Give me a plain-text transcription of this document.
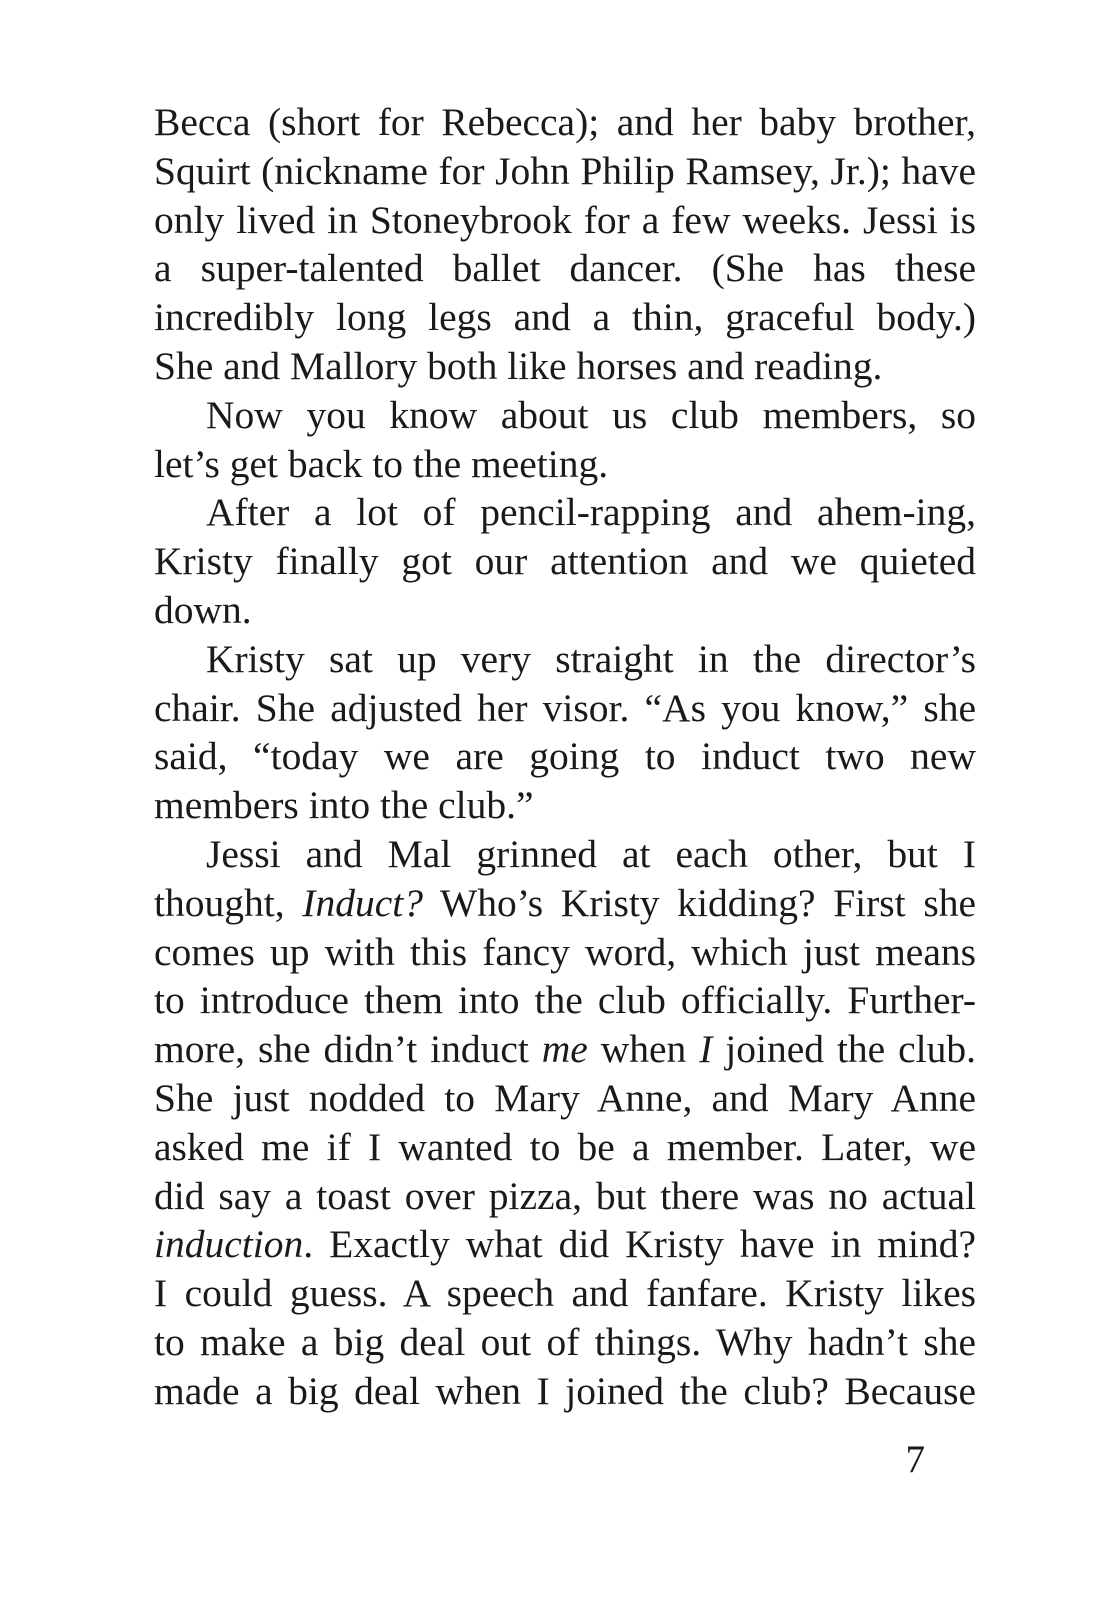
Becca (short for Rebecca); and her baby brother,
Squirt (nickname for John Philip Ramsey, Jr.); have
only lived in Stoneybrook for a few weeks. Jessi is
a super-talented ballet dancer. (She has these
incredibly long legs and a thin, graceful body.)
She and Mallory both like horses and reading.
Now you know about us club members, so
let’s get back to the meeting.
After a lot of pencil-rapping and ahem-ing,
Kristy finally got our attention and we quieted
down.
Kristy sat up very straight in the director’s
chair. She adjusted her visor. “As you know,” she
said, “today we are going to induct two new
members into the club.”
Jessi and Mal grinned at each other, but I
thought, Induct? Who’s Kristy kidding? First she
comes up with this fancy word, which just means
to introduce them into the club officially. Further-
more, she didn’t induct me when I joined the club.
She just nodded to Mary Anne, and Mary Anne
asked me if I wanted to be a member. Later, we
did say a toast over pizza, but there was no actual
induction. Exactly what did Kristy have in mind?
I could guess. A speech and fanfare. Kristy likes
to make a big deal out of things. Why hadn’t she
made a big deal when I joined the club? Because
7
